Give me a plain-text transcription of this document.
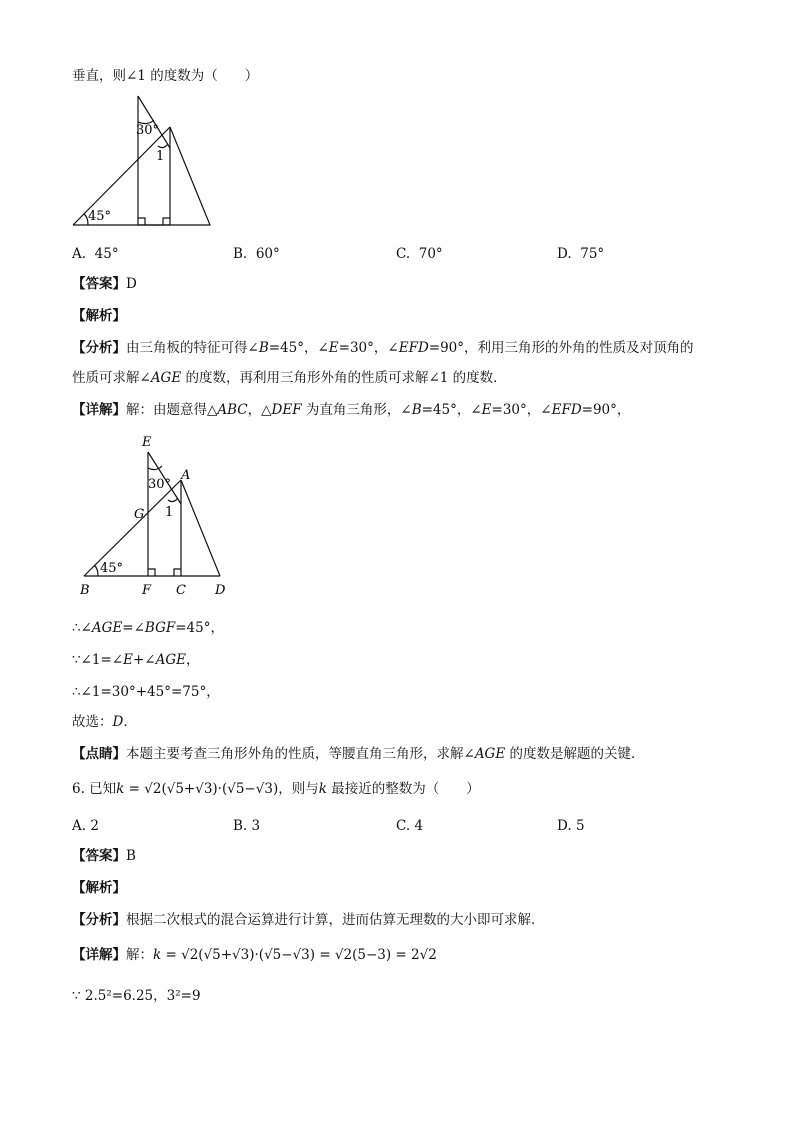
垂直，则∠1 的度数为（　　）
30°
1
45°
A. 45°	B. 60°	C. 70°	D. 75°
【答案】D
【解析】
【分析】由三角板的特征可得∠B=45°，∠E=30°，∠EFD=90°，利用三角形的外角的性质及对顶角的
性质可求解∠AGE 的度数，再利用三角形外角的性质可求解∠1 的度数．
【详解】解：由题意得△ABC，△DEF 为直角三角形，∠B=45°，∠E=30°，∠EFD=90°，
E
A
G
B	F C D
30°
1
45°
∴∠AGE=∠BGF=45°，
∵∠1=∠E+∠AGE，
∴∠1=30°+45°=75°，
故选：D．
【点睛】本题主要考查三角形外角的性质，等腰直角三角形，求解∠AGE 的度数是解题的关键．
6. 已知k = √2(√5+√3)·(√5−√3)，则与k 最接近的整数为（　　）
A. 2	B. 3	C. 4	D. 5
【答案】B
【解析】
【分析】根据二次根式的混合运算进行计算，进而估算无理数的大小即可求解．
【详解】解：k = √2(√5+√3)·(√5−√3) = √2(5−3) = 2√2
∵ 2.5²=6.25，3²=9
